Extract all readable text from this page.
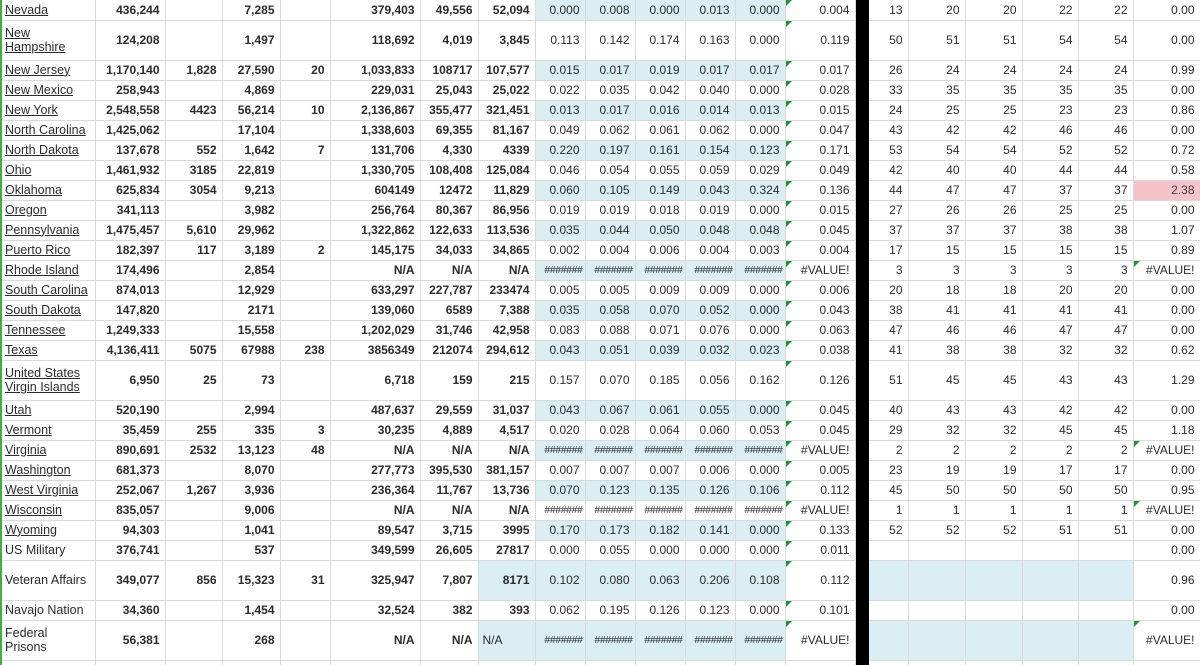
Nevada	436,244		7,285		379,403	49,556	52,094	0.000	0.008	0.000	0.013	0.000	0.004		13	20	20	22	22	0.00
New Hampshire	124,208		1,497		118,692	4,019	3,845	0.113	0.142	0.174	0.163	0.000	0.119		50	51	51	54	54	0.00
New Jersey	1,170,140	1,828	27,590	20	1,033,833	108717	107,577	0.015	0.017	0.019	0.017	0.017	0.017		26	24	24	24	24	0.99
New Mexico	258,943		4,869		229,031	25,043	25,022	0.022	0.035	0.042	0.040	0.000	0.028		33	35	35	35	35	0.00
New York	2,548,558	4423	56,214	10	2,136,867	355,477	321,451	0.013	0.017	0.016	0.014	0.013	0.015		24	25	25	23	23	0.86
North Carolina	1,425,062		17,104		1,338,603	69,355	81,167	0.049	0.062	0.061	0.062	0.000	0.047		43	42	42	46	46	0.00
North Dakota	137,678	552	1,642	7	131,706	4,330	4339	0.220	0.197	0.161	0.154	0.123	0.171		53	54	54	52	52	0.72
Ohio	1,461,932	3185	22,819		1,330,705	108,408	125,084	0.046	0.054	0.055	0.059	0.029	0.049		42	40	40	44	44	0.58
Oklahoma	625,834	3054	9,213		604149	12472	11,829	0.060	0.105	0.149	0.043	0.324	0.136		44	47	47	37	37	2.38
Oregon	341,113		3,982		256,764	80,367	86,956	0.019	0.019	0.018	0.019	0.000	0.015		27	26	26	25	25	0.00
Pennsylvania	1,475,457	5,610	29,962		1,322,862	122,633	113,536	0.035	0.044	0.050	0.048	0.048	0.045		37	37	37	38	38	1.07
Puerto Rico	182,397	117	3,189	2	145,175	34,033	34,865	0.002	0.004	0.006	0.004	0.003	0.004		17	15	15	15	15	0.89
Rhode Island	174,496		2,854		N/A	N/A	N/A	#######	#######	#######	#######	#######	#VALUE!		3	3	3	3	3	#VALUE!

South Carolina	874,013		12,929		633,297	227,787	233474	0.005	0.005	0.009	0.009	0.000	0.006		20	18	18	20	20	0.00
South Dakota	147,820		2171		139,060	6589	7,388	0.035	0.058	0.070	0.052	0.000	0.043		38	41	41	41	41	0.00
Tennessee	1,249,333		15,558		1,202,029	31,746	42,958	0.083	0.088	0.071	0.076	0.000	0.063		47	46	46	47	47	0.00
Texas	4,136,411	5075	67988	238	3856349	212074	294,612	0.043	0.051	0.039	0.032	0.023	0.038		41	38	38	32	32	0.62
United States Virgin Islands	6,950	25	73		6,718	159	215	0.157	0.070	0.185	0.056	0.162	0.126		51	45	45	43	43	1.29
Utah	520,190		2,994		487,637	29,559	31,037	0.043	0.067	0.061	0.055	0.000	0.045		40	43	43	42	42	0.00
Vermont	35,459	255	335	3	30,235	4,889	4,517	0.020	0.028	0.064	0.060	0.053	0.045		29	32	32	45	45	1.18
Virginia	890,691	2532	13,123	48	N/A	N/A	N/A	#######	#######	#######	#######	#######	#VALUE!		2	2	2	2	2	#VALUE!

Washington	681,373		8,070		277,773	395,530	381,157	0.007	0.007	0.007	0.006	0.000	0.005		23	19	19	17	17	0.00
West Virginia	252,067	1,267	3,936		236,364	11,767	13,736	0.070	0.123	0.135	0.126	0.106	0.112		45	50	50	50	50	0.95
Wisconsin	835,057		9,006		N/A	N/A	N/A	#######	#######	#######	#######	#######	#VALUE!		1	1	1	1	1	#VALUE!

Wyoming	94,303		1,041		89,547	3,715	3995	0.170	0.173	0.182	0.141	0.000	0.133		52	52	52	51	51	0.00
US Military	376,741		537		349,599	26,605	27817	0.000	0.055	0.000	0.000	0.000	0.011							0.00
Veteran Affairs	349,077	856	15,323	31	325,947	7,807	8171	0.102	0.080	0.063	0.206	0.108	0.112							0.96
Navajo Nation	34,360		1,454		32,524	382	393	0.062	0.195	0.126	0.123	0.000	0.101							0.00
Federal Prisons	56,381		268		N/A	N/A	N/A	#######	#######	#######	#######	#######	#VALUE!							#VALUE!
